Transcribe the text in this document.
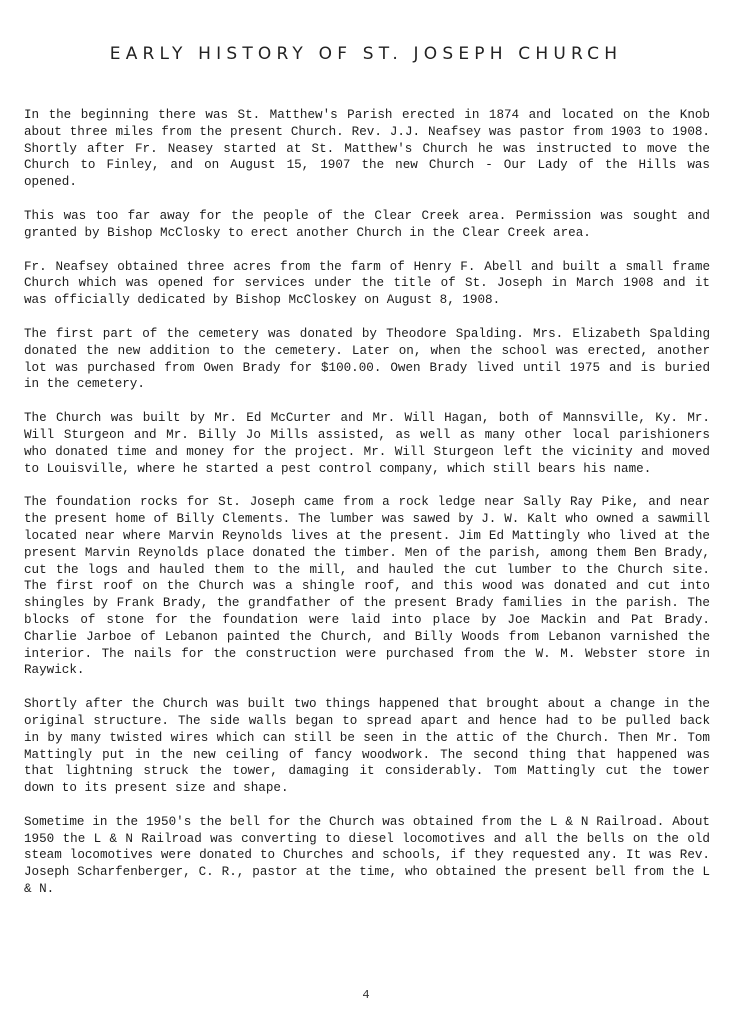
EARLY HISTORY OF ST. JOSEPH CHURCH

In the beginning there was St. Matthew's Parish erected in 1874 and located on the Knob about three miles from the present Church. Rev. J.J. Neafsey was pastor from 1903 to 1908. Shortly after Fr. Neasey started at St. Matthew's Church he was instructed to move the Church to Finley, and on August 15, 1907 the new Church - Our Lady of the Hills was opened.

This was too far away for the people of the Clear Creek area. Permission was sought and granted by Bishop McClosky to erect another Church in the Clear Creek area.

Fr. Neafsey obtained three acres from the farm of Henry F. Abell and built a small frame Church which was opened for services under the title of St. Joseph in March 1908 and it was officially dedicated by Bishop McCloskey on August 8, 1908.

The first part of the cemetery was donated by Theodore Spalding. Mrs. Elizabeth Spalding donated the new addition to the cemetery. Later on, when the school was erected, another lot was purchased from Owen Brady for $100.00. Owen Brady lived until 1975 and is buried in the cemetery.

The Church was built by Mr. Ed McCurter and Mr. Will Hagan, both of Mannsville, Ky. Mr. Will Sturgeon and Mr. Billy Jo Mills assisted, as well as many other local parishioners who donated time and money for the project. Mr. Will Sturgeon left the vicinity and moved to Louisville, where he started a pest control company, which still bears his name.

The foundation rocks for St. Joseph came from a rock ledge near Sally Ray Pike, and near the present home of Billy Clements. The lumber was sawed by J. W. Kalt who owned a sawmill located near where Marvin Reynolds lives at the present. Jim Ed Mattingly who lived at the present Marvin Reynolds place donated the timber. Men of the parish, among them Ben Brady, cut the logs and hauled them to the mill, and hauled the cut lumber to the Church site. The first roof on the Church was a shingle roof, and this wood was donated and cut into shingles by Frank Brady, the grandfather of the present Brady families in the parish. The blocks of stone for the foundation were laid into place by Joe Mackin and Pat Brady. Charlie Jarboe of Lebanon painted the Church, and Billy Woods from Lebanon varnished the interior. The nails for the construction were purchased from the W. M. Webster store in Raywick.

Shortly after the Church was built two things happened that brought about a change in the original structure. The side walls began to spread apart and hence had to be pulled back in by many twisted wires which can still be seen in the attic of the Church. Then Mr. Tom Mattingly put in the new ceiling of fancy woodwork. The second thing that happened was that lightning struck the tower, damaging it considerably. Tom Mattingly cut the tower down to its present size and shape.

Sometime in the 1950's the bell for the Church was obtained from the L & N Railroad. About 1950 the L & N Railroad was converting to diesel locomotives and all the bells on the old steam locomotives were donated to Churches and schools, if they requested any. It was Rev. Joseph Scharfenberger, C. R., pastor at the time, who obtained the present bell from the L & N.

4
